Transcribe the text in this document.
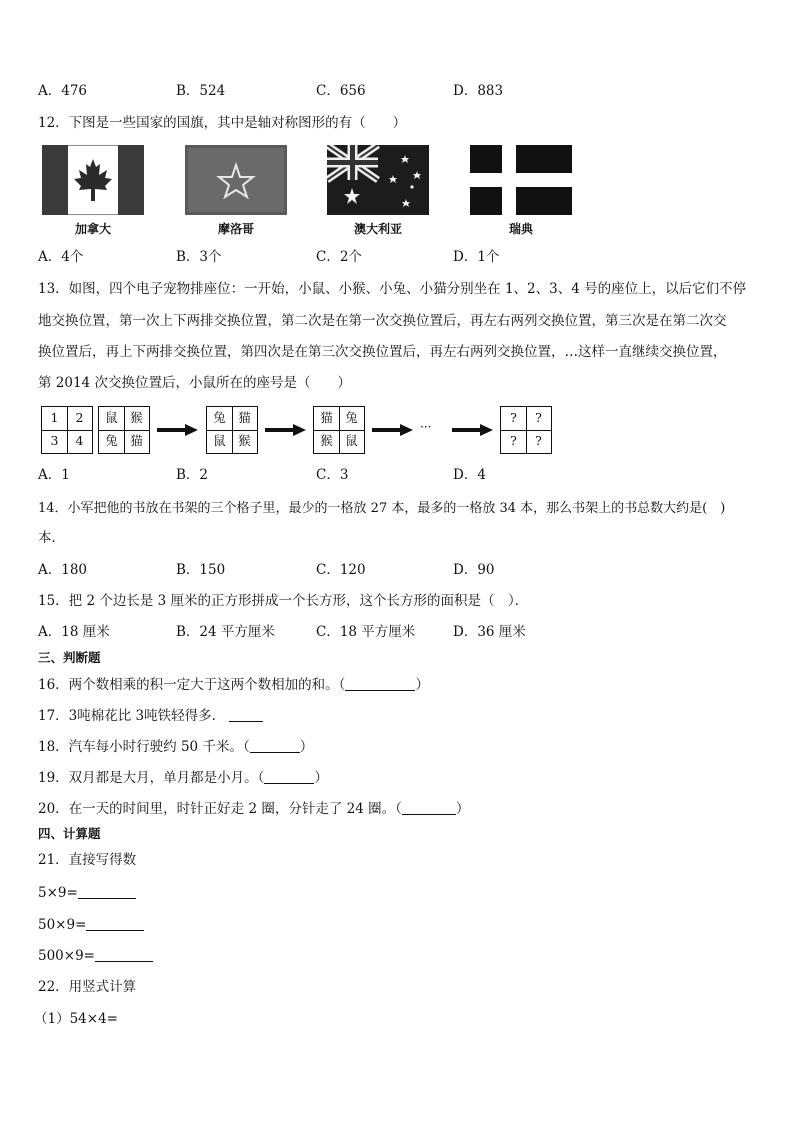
A．476	B．524	C．656	D．883
12．下图是一些国家的国旗，其中是轴对称图形的有（　　）
加拿大	摩洛哥	澳大利亚	瑞典
A．4个	B．3个	C．2个	D．1个
13．如图，四个电子宠物排座位：一开始，小鼠、小猴、小兔、小猫分别坐在 1、2、3、4 号的座位上，以后它们不停
地交换位置，第一次上下两排交换位置，第二次是在第一次交换位置后，再左右两列交换位置，第三次是在第二次交
换位置后，再上下两排交换位置，第四次是在第三次交换位置后，再左右两列交换位置，…这样一直继续交换位置，
第 2014 次交换位置后，小鼠所在的座号是（　　）
1	2
3	4
鼠 猴
兔 猫
兔 猫
鼠 猴
猫 兔
猴 鼠
···
?	?
?	?
A．1	B．2	C．3	D．4
14．小军把他的书放在书架的三个格子里，最少的一格放 27 本，最多的一格放 34 本，那么书架上的书总数大约是(　)
本．
A．180	B．150	C．120	D．90
15．把 2 个边长是 3 厘米的正方形拼成一个长方形，这个长方形的面积是（　）．
A．18 厘米	B．24 平方厘米	C．18 平方厘米	D．36 厘米
三、判断题
16．两个数相乘的积一定大于这两个数相加的和。（	）
17．3吨棉花比 3吨铁轻得多．
18．汽车每小时行驶约 50 千米。（	）
19．双月都是大月，单月都是小月。（	）
20．在一天的时间里，时针正好走 2 圈，分针走了 24 圈。（	）
四、计算题
21．直接写得数
5×9=
50×9=
500×9=
22．用竖式计算
（1）54×4=
